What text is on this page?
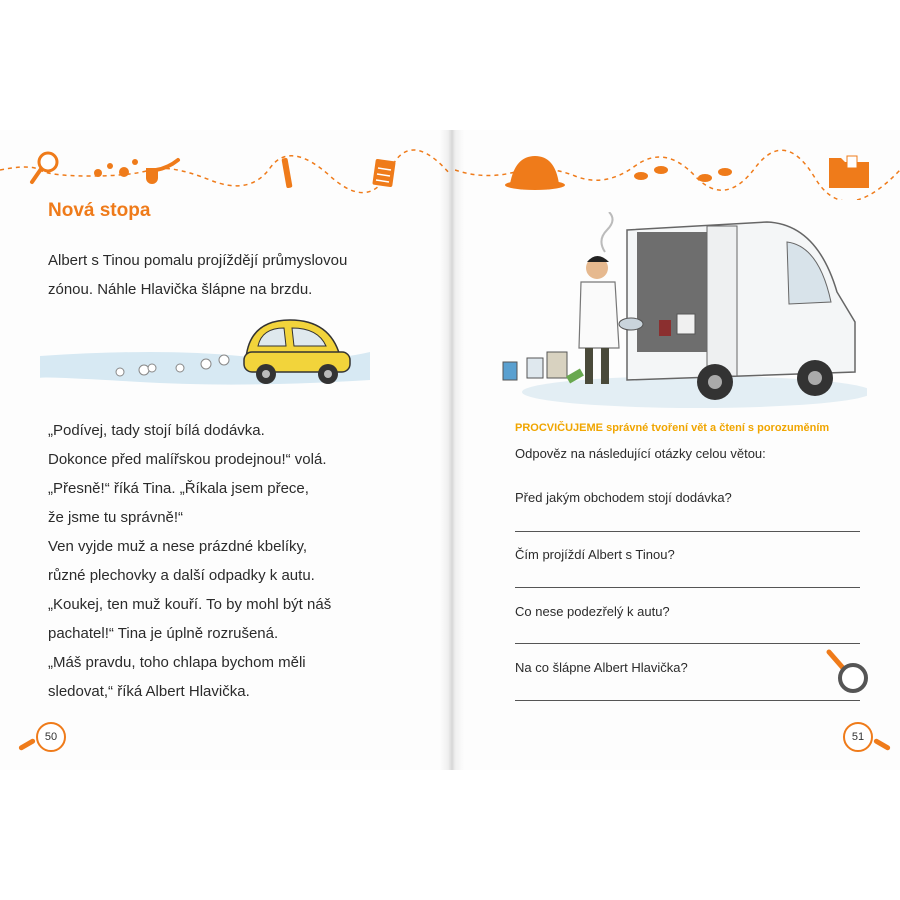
Nová stopa
Albert s Tinou pomalu projíždějí průmyslovou
zónou. Náhle Hlavička šlápne na brzdu.
„Podívej, tady stojí bílá dodávka.
Dokonce před malířskou prodejnou!“ volá.
„Přesně!“ říká Tina. „Říkala jsem přece,
že jsme tu správně!“
Ven vyjde muž a nese prázdné kbelíky,
různé plechovky a další odpadky k autu.
„Koukej, ten muž kouří. To by mohl být náš
pachatel!“ Tina je úplně rozrušená.
„Máš pravdu, toho chlapa bychom měli
sledovat,“ říká Albert Hlavička.
50

PROCVIČUJEME správné tvoření vět a čtení s porozuměním

Odpověz na následující otázky celou větou:
Před jakým obchodem stojí dodávka?
Čím projíždí Albert s Tinou?
Co nese podezřelý k autu?
Na co šlápne Albert Hlavička?
51
